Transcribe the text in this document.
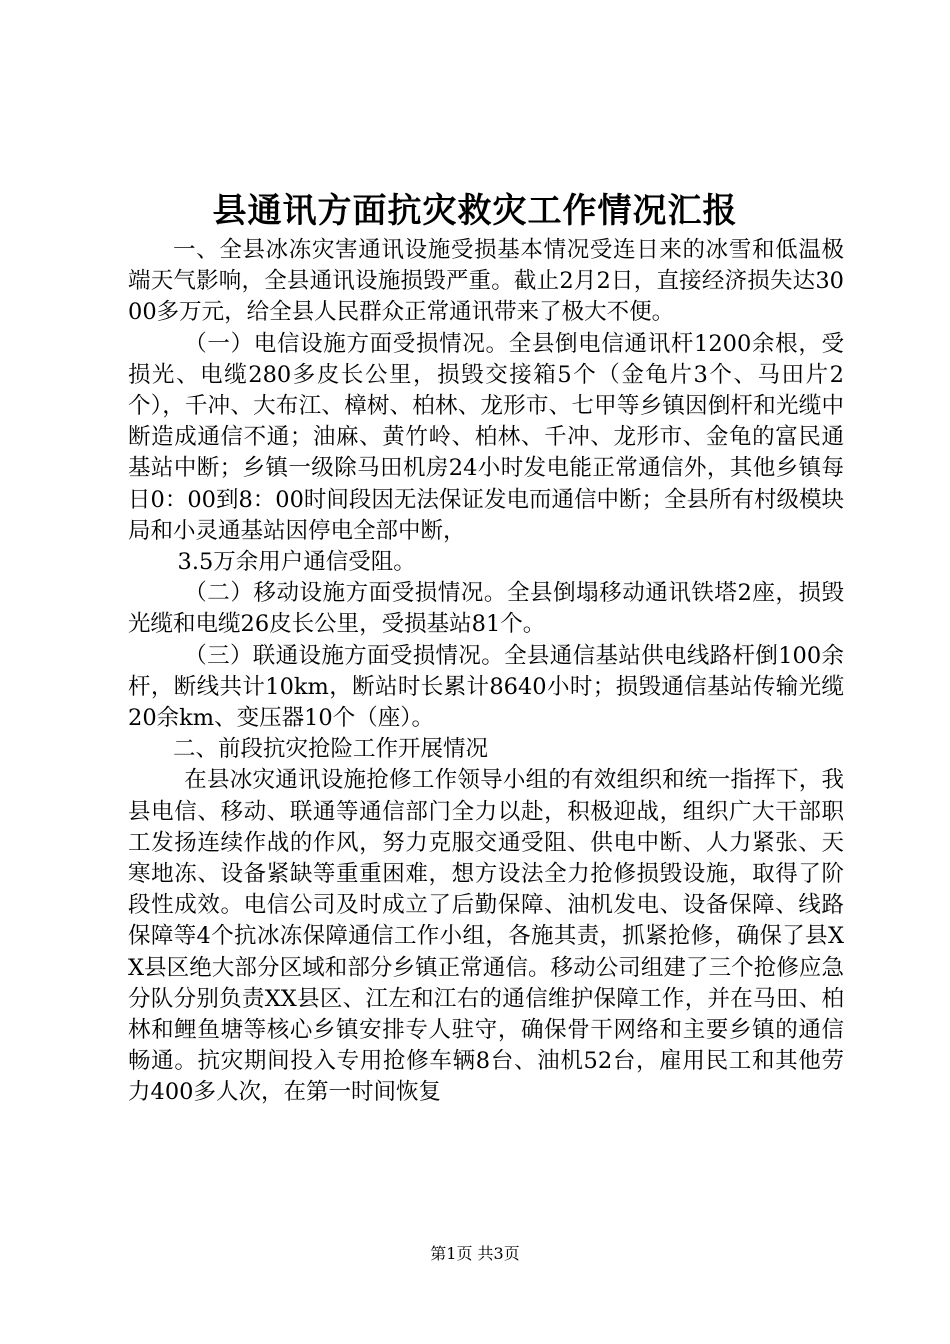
县通讯方面抗灾救灾工作情况汇报

一、全县冰冻灾害通讯设施受损基本情况受连日来的冰雪和低温极端天气影响，全县通讯设施损毁严重。截止2月2日，直接经济损失达3000多万元，给全县人民群众正常通讯带来了极大不便。

（一）电信设施方面受损情况。全县倒电信通讯杆1200余根，受损光、电缆280多皮长公里，损毁交接箱5个（金龟片3个、马田片2个），千冲、大布江、樟树、柏林、龙形市、七甲等乡镇因倒杆和光缆中断造成通信不通；油麻、黄竹岭、柏林、千冲、龙形市、金龟的富民通基站中断；乡镇一级除马田机房24小时发电能正常通信外，其他乡镇每日0：00到8：00时间段因无法保证发电而通信中断；全县所有村级模块局和小灵通基站因停电全部中断，

3.5万余用户通信受阻。

（二）移动设施方面受损情况。全县倒塌移动通讯铁塔2座，损毁光缆和电缆26皮长公里，受损基站81个。

（三）联通设施方面受损情况。全县通信基站供电线路杆倒100余杆，断线共计10km，断站时长累计8640小时；损毁通信基站传输光缆20余km、变压器10个（座）。

二、前段抗灾抢险工作开展情况

在县冰灾通讯设施抢修工作领导小组的有效组织和统一指挥下，我县电信、移动、联通等通信部门全力以赴，积极迎战，组织广大干部职工发扬连续作战的作风，努力克服交通受阻、供电中断、人力紧张、天寒地冻、设备紧缺等重重困难，想方设法全力抢修损毁设施，取得了阶段性成效。电信公司及时成立了后勤保障、油机发电、设备保障、线路保障等4个抗冰冻保障通信工作小组，各施其责，抓紧抢修，确保了县XX县区绝大部分区域和部分乡镇正常通信。移动公司组建了三个抢修应急分队分别负责XX县区、江左和江右的通信维护保障工作，并在马田、柏林和鲤鱼塘等核心乡镇安排专人驻守，确保骨干网络和主要乡镇的通信畅通。抗灾期间投入专用抢修车辆8台、油机52台，雇用民工和其他劳力400多人次，在第一时间恢复

第1页 共3页
